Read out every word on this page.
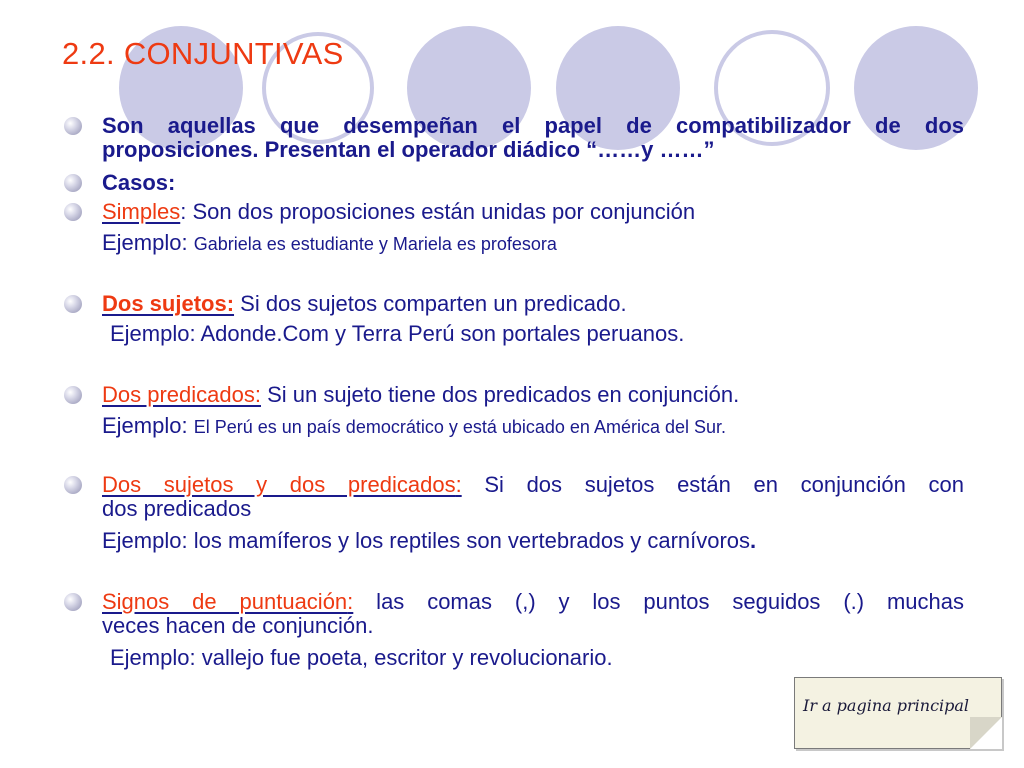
2.2. CONJUNTIVAS
Son aquellas que desempeñan el papel de compatibilizador de dos
proposiciones. Presentan el operador diádico “……y ……”
Casos:
Simples: Son dos proposiciones están unidas por conjunción
Ejemplo: Gabriela es estudiante y Mariela es profesora
Dos sujetos: Si dos sujetos comparten un predicado.
Ejemplo: Adonde.Com y Terra Perú son portales peruanos.
Dos predicados: Si un sujeto tiene dos predicados en conjunción.
Ejemplo: El Perú es un país democrático y está ubicado en América del Sur.
Dos sujetos y dos predicados: Si dos sujetos están en conjunción con
dos predicados
Ejemplo: los mamíferos y los reptiles son vertebrados y carnívoros.
Signos de puntuación: las comas (,) y los puntos seguidos (.) muchas
veces hacen de conjunción.
Ejemplo: vallejo fue poeta, escritor y revolucionario.
Ir a pagina principal
